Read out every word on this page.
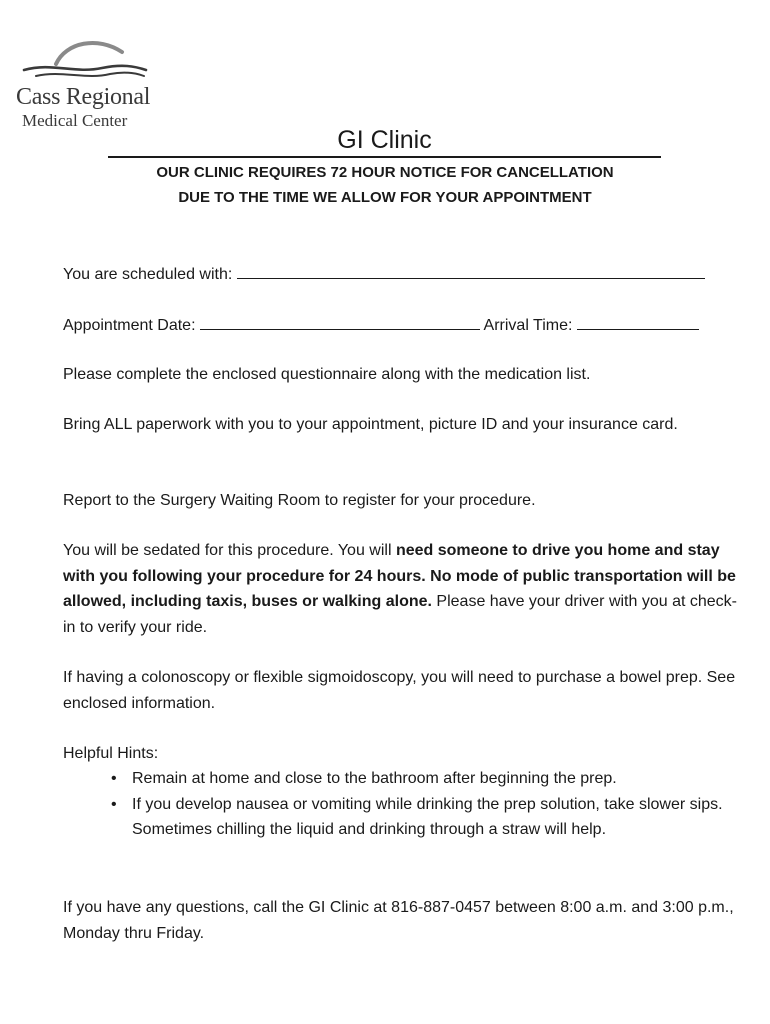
Cass Regional
Medical Center
GI Clinic
OUR CLINIC REQUIRES 72 HOUR NOTICE FOR CANCELLATION
DUE TO THE TIME WE ALLOW FOR YOUR APPOINTMENT
You are scheduled with:
Appointment Date:	Arrival Time:
Please complete the enclosed questionnaire along with the medication list.
Bring ALL paperwork with you to your appointment, picture ID and your insurance card.
Report to the Surgery Waiting Room to register for your procedure.
You will be sedated for this procedure. You will need someone to drive you home and stay with you following your procedure for 24 hours. No mode of public transportation will be allowed, including taxis, buses or walking alone. Please have your driver with you at check-in to verify your ride.
If having a colonoscopy or flexible sigmoidoscopy, you will need to purchase a bowel prep. See enclosed information.
Helpful Hints:
• Remain at home and close to the bathroom after beginning the prep.
• If you develop nausea or vomiting while drinking the prep solution, take slower sips. Sometimes chilling the liquid and drinking through a straw will help.
If you have any questions, call the GI Clinic at 816-887-0457 between 8:00 a.m. and 3:00 p.m., Monday thru Friday.
